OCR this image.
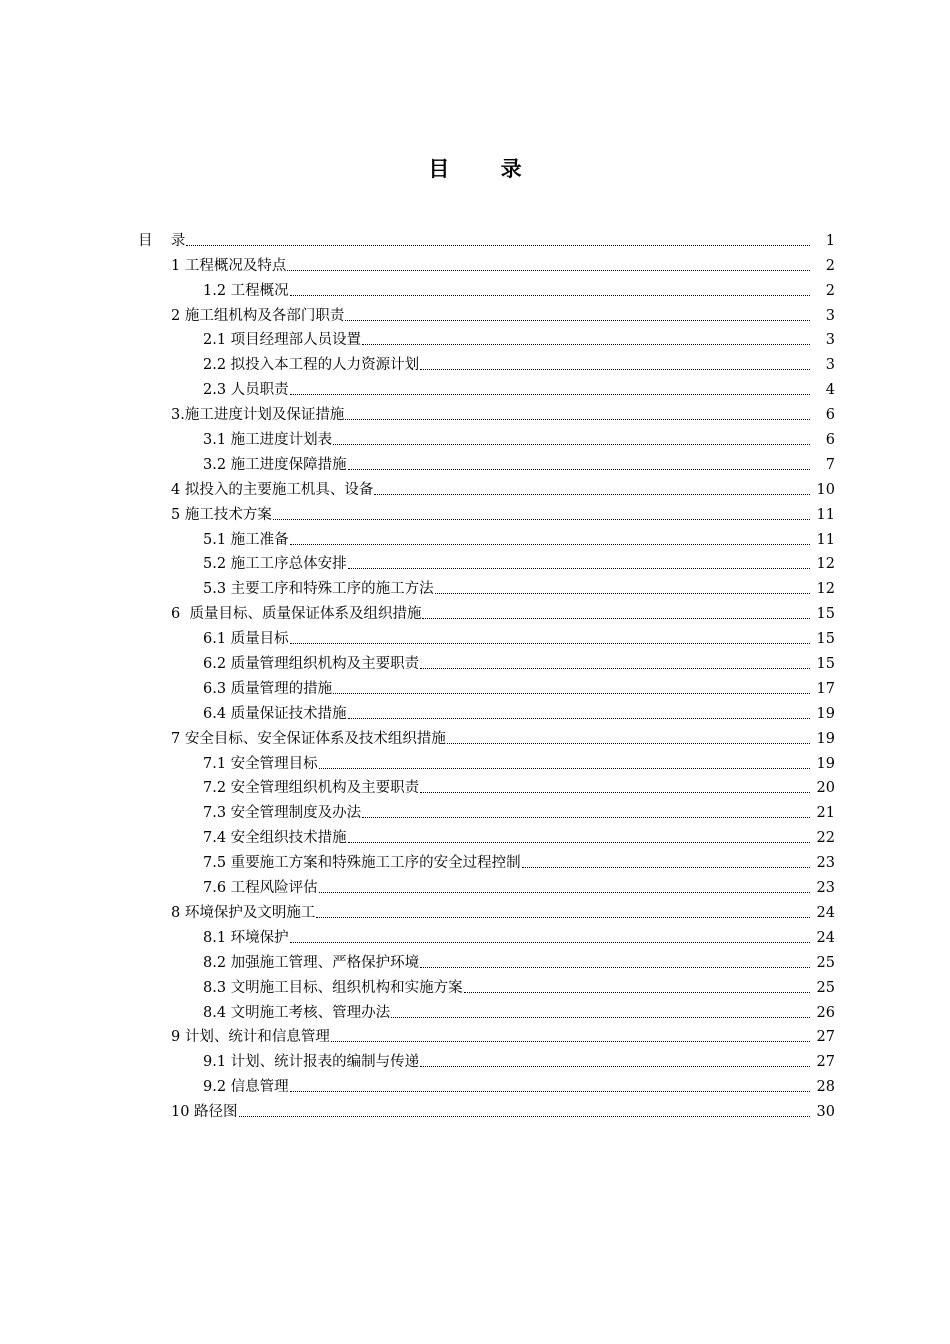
目 录
目    录	1
1 工程概况及特点	2
1.2 工程概况	2
2 施工组机构及各部门职责	3
2.1 项目经理部人员设置	3
2.2 拟投入本工程的人力资源计划	3
2.3 人员职责	4
3.施工进度计划及保证措施	6
3.1 施工进度计划表	6
3.2 施工进度保障措施	7
4 拟投入的主要施工机具、设备	10
5 施工技术方案	11
5.1 施工准备	11
5.2 施工工序总体安排	12
5.3 主要工序和特殊工序的施工方法	12
6  质量目标、质量保证体系及组织措施	15
6.1 质量目标	15
6.2 质量管理组织机构及主要职责	15
6.3 质量管理的措施	17
6.4 质量保证技术措施	19
7 安全目标、安全保证体系及技术组织措施	19
7.1 安全管理目标	19
7.2 安全管理组织机构及主要职责	20
7.3 安全管理制度及办法	21
7.4 安全组织技术措施	22
7.5 重要施工方案和特殊施工工序的安全过程控制	23
7.6 工程风险评估	23
8 环境保护及文明施工	24
8.1 环境保护	24
8.2 加强施工管理、严格保护环境	25
8.3 文明施工目标、组织机构和实施方案	25
8.4 文明施工考核、管理办法	26
9 计划、统计和信息管理	27
9.1 计划、统计报表的编制与传递	27
9.2 信息管理	28
10 路径图	30
